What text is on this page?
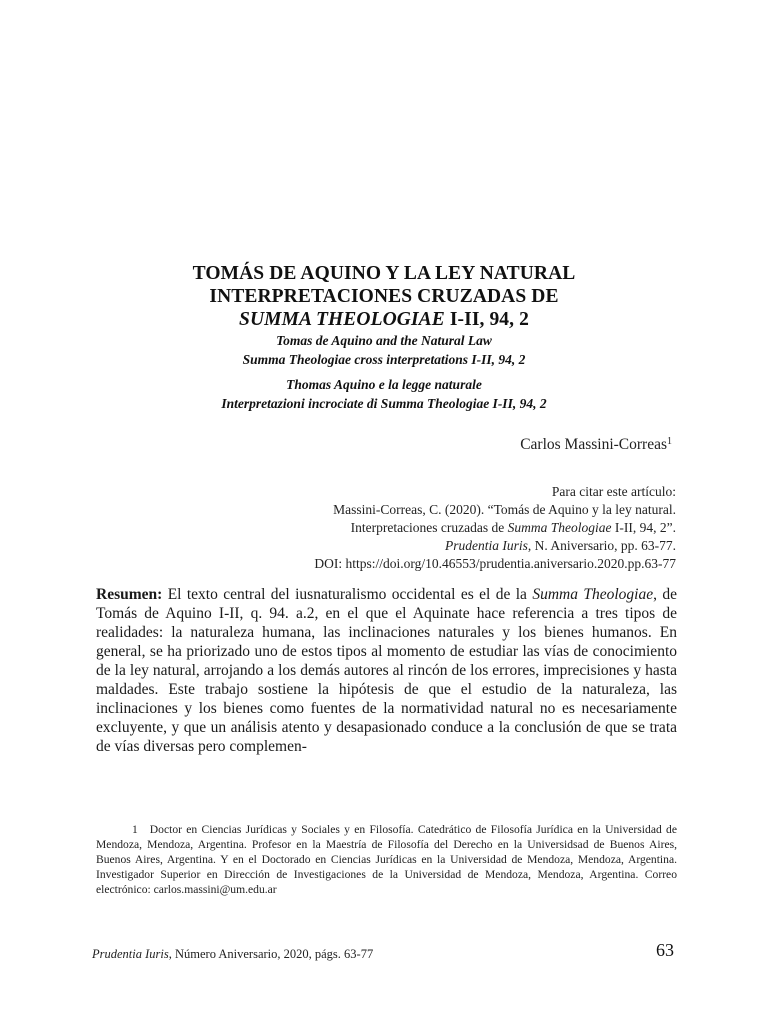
TOMÁS DE AQUINO Y LA LEY NATURAL
INTERPRETACIONES CRUZADAS DE
SUMMA THEOLOGIAE I-II, 94, 2
Tomas de Aquino and the Natural Law
Summa Theologiae cross interpretations I-II, 94, 2
Thomas Aquino e la legge naturale
Interpretazioni incrociate di Summa Theologiae I-II, 94, 2
Carlos Massini-Correas$^1$
Para citar este artículo:
Massini-Correas, C. (2020). “Tomás de Aquino y la ley natural.
Interpretaciones cruzadas de Summa Theologiae I-II, 94, 2”.
Prudentia Iuris, N. Aniversario, pp. 63-77.
DOI: https://doi.org/10.46553/prudentia.aniversario.2020.pp.63-77
Resumen: El texto central del iusnaturalismo occidental es el de la Summa Theologiae, de Tomás de Aquino I-II, q. 94. a.2, en el que el Aquinate hace referencia a tres tipos de realidades: la naturaleza humana, las inclinaciones naturales y los bienes humanos. En general, se ha priorizado uno de estos tipos al momento de estudiar las vías de conocimiento de la ley natural, arrojando a los demás autores al rincón de los errores, imprecisiones y hasta maldades. Este trabajo sostiene la hipótesis de que el estudio de la naturaleza, las inclinaciones y los bienes como fuentes de la normatividad natural no es necesariamente excluyente, y que un análisis atento y desapasionado conduce a la conclusión de que se trata de vías diversas pero complemen-
1 Doctor en Ciencias Jurídicas y Sociales y en Filosofía. Catedrático de Filosofía Jurídica en la Universidad de Mendoza, Mendoza, Argentina. Profesor en la Maestría de Filosofía del Derecho en la Universidsad de Buenos Aires, Buenos Aires, Argentina. Y en el Doctorado en Ciencias Jurídicas en la Universidad de Mendoza, Mendoza, Argentina. Investigador Superior en Dirección de Investigaciones de la Universidad de Mendoza, Mendoza, Argentina. Correo electrónico: carlos.massini@um.edu.ar
Prudentia Iuris, Número Aniversario, 2020, págs. 63-77	63
